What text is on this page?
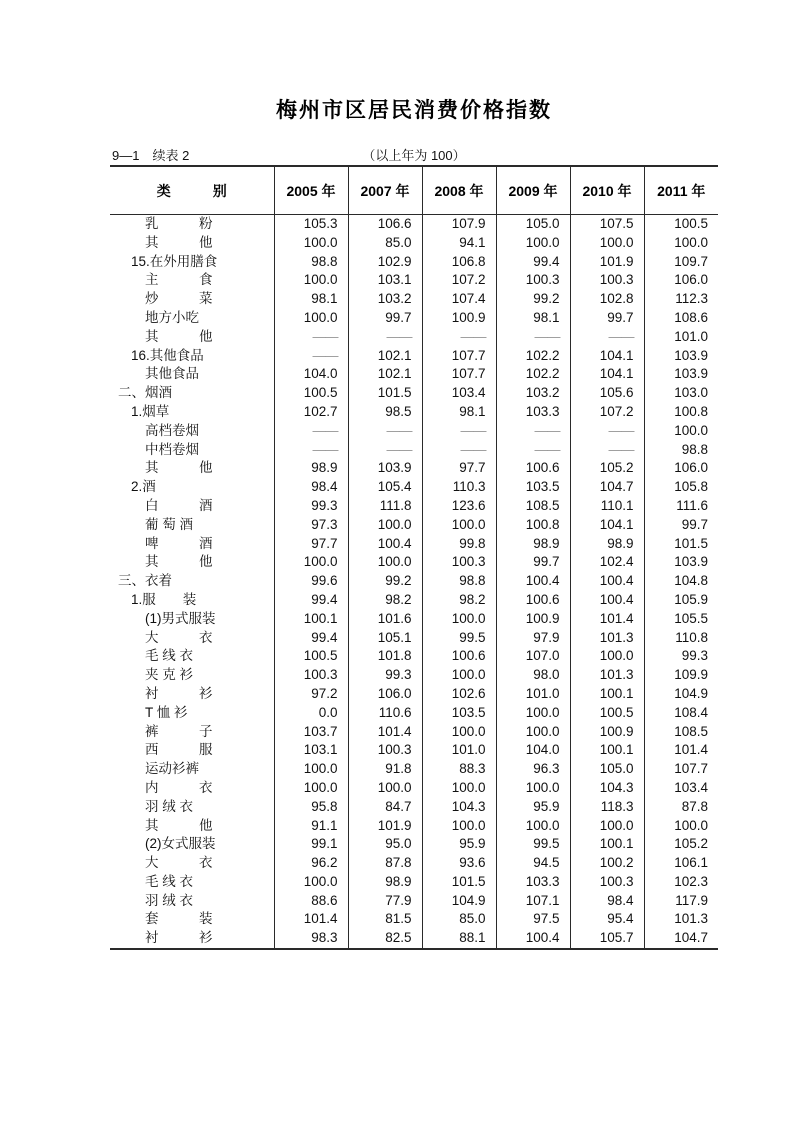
梅州市区居民消费价格指数
9—1　续表 2	（以上年为 100）
类　　　别	2005 年	2007 年	2008 年	2009 年	2010 年	2011 年
乳　　　粉	105.3	106.6	107.9	105.0	107.5	100.5
其　　　他	100.0	85.0	94.1	100.0	100.0	100.0
15.在外用膳食	98.8	102.9	106.8	99.4	101.9	109.7
主　　　食	100.0	103.1	107.2	100.3	100.3	106.0
炒　　　菜	98.1	103.2	107.4	99.2	102.8	112.3
地方小吃	100.0	99.7	100.9	98.1	99.7	108.6
其　　　他	——	——	——	——	——	101.0
16.其他食品	——	102.1	107.7	102.2	104.1	103.9
其他食品	104.0	102.1	107.7	102.2	104.1	103.9
二、烟酒	100.5	101.5	103.4	103.2	105.6	103.0
1.烟草	102.7	98.5	98.1	103.3	107.2	100.8
高档卷烟	——	——	——	——	——	100.0
中档卷烟	——	——	——	——	——	98.8
其　　　他	98.9	103.9	97.7	100.6	105.2	106.0
2.酒	98.4	105.4	110.3	103.5	104.7	105.8
白　　　酒	99.3	111.8	123.6	108.5	110.1	111.6
葡 萄 酒	97.3	100.0	100.0	100.8	104.1	99.7
啤　　　酒	97.7	100.4	99.8	98.9	98.9	101.5
其　　　他	100.0	100.0	100.3	99.7	102.4	103.9
三、衣着	99.6	99.2	98.8	100.4	100.4	104.8
1.服　　装	99.4	98.2	98.2	100.6	100.4	105.9
(1)男式服装	100.1	101.6	100.0	100.9	101.4	105.5
大　　　衣	99.4	105.1	99.5	97.9	101.3	110.8
毛 线 衣	100.5	101.8	100.6	107.0	100.0	99.3
夹 克 衫	100.3	99.3	100.0	98.0	101.3	109.9
衬　　　衫	97.2	106.0	102.6	101.0	100.1	104.9
T 恤 衫	0.0	110.6	103.5	100.0	100.5	108.4
裤　　　子	103.7	101.4	100.0	100.0	100.9	108.5
西　　　服	103.1	100.3	101.0	104.0	100.1	101.4
运动衫裤	100.0	91.8	88.3	96.3	105.0	107.7
内　　　衣	100.0	100.0	100.0	100.0	104.3	103.4
羽 绒 衣	95.8	84.7	104.3	95.9	118.3	87.8
其　　　他	91.1	101.9	100.0	100.0	100.0	100.0
(2)女式服装	99.1	95.0	95.9	99.5	100.1	105.2
大　　　衣	96.2	87.8	93.6	94.5	100.2	106.1
毛 线 衣	100.0	98.9	101.5	103.3	100.3	102.3
羽 绒 衣	88.6	77.9	104.9	107.1	98.4	117.9
套　　　装	101.4	81.5	85.0	97.5	95.4	101.3
衬　　　衫	98.3	82.5	88.1	100.4	105.7	104.7
